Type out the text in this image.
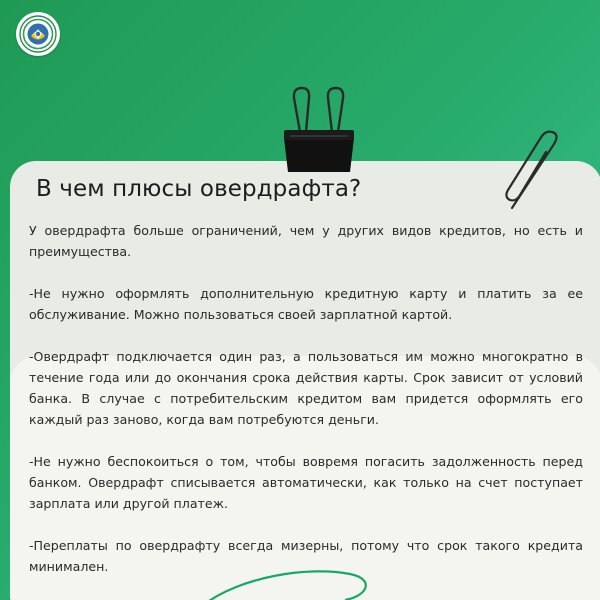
В чем плюсы овердрафта?

У овердрафта больше ограничений, чем у других видов кредитов, но есть и преимущества.

-Не нужно оформлять дополнительную кредитную карту и платить за ее обслуживание. Можно пользоваться своей зарплатной картой.

-Овердрафт подключается один раз, а пользоваться им можно многократно в течение года или до окончания срока действия карты. Срок зависит от условий банка. В случае с потребительским кредитом вам придется оформлять его каждый раз заново, когда вам потребуются деньги.

-Не нужно беспокоиться о том, чтобы вовремя погасить задолженность перед банком. Овердрафт списывается автоматически, как только на счет поступает зарплата или другой платеж.

-Переплаты по овердрафту всегда мизерны, потому что срок такого кредита минимален.
